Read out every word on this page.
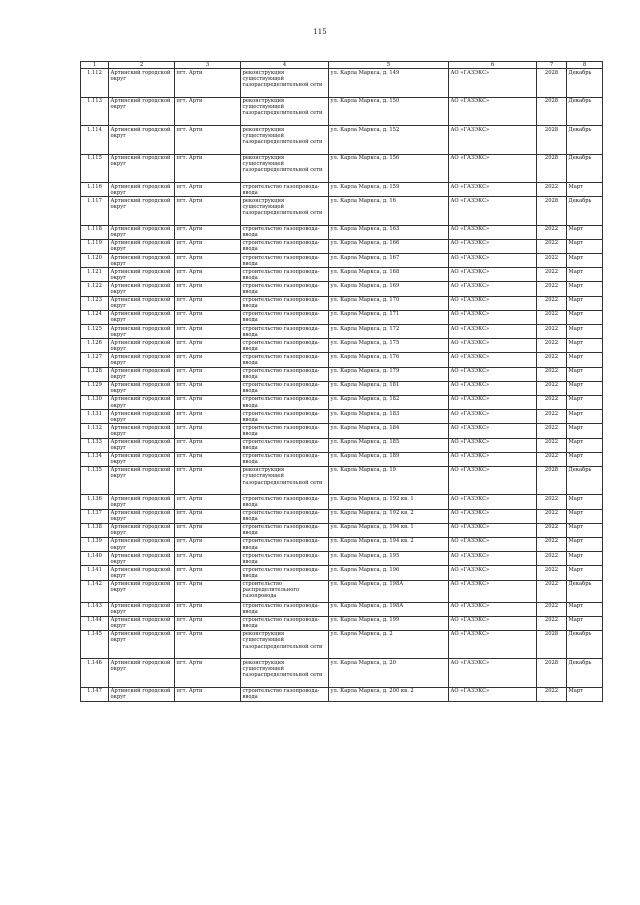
115
1	2	3	4	5	6	7	8
1.112	Артинский городской округ	пгт. Арти	реконструкция существующей газораспределительной сети	ул. Карла Маркса, д. 149	АО «ГАЗЭКС»	2028	Декабрь
1.113	Артинский городской округ	пгт. Арти	реконструкция существующей газораспределительной сети	ул. Карла Маркса, д. 150	АО «ГАЗЭКС»	2028	Декабрь
1.114	Артинский городской округ	пгт. Арти	реконструкция существующей газораспределительной сети	ул. Карла Маркса, д. 152	АО «ГАЗЭКС»	2028	Декабрь
1.115	Артинский городской округ	пгт. Арти	реконструкция существующей газораспределительной сети	ул. Карла Маркса, д. 156	АО «ГАЗЭКС»	2028	Декабрь
1.116	Артинский городской округ	пгт. Арти	строительство газопровода-ввода	ул. Карла Маркса, д. 159	АО «ГАЗЭКС»	2022	Март
1.117	Артинский городской округ	пгт. Арти	реконструкция существующей газораспределительной сети	ул. Карла Маркса, д. 16	АО «ГАЗЭКС»	2028	Декабрь
1.118	Артинский городской округ	пгт. Арти	строительство газопровода-ввода	ул. Карла Маркса, д. 163	АО «ГАЗЭКС»	2022	Март
1.119	Артинский городской округ	пгт. Арти	строительство газопровода-ввода	ул. Карла Маркса, д. 166	АО «ГАЗЭКС»	2022	Март
1.120	Артинский городской округ	пгт. Арти	строительство газопровода-ввода	ул. Карла Маркса, д. 167	АО «ГАЗЭКС»	2022	Март
1.121	Артинский городской округ	пгт. Арти	строительство газопровода-ввода	ул. Карла Маркса, д. 168	АО «ГАЗЭКС»	2022	Март
1.122	Артинский городской округ	пгт. Арти	строительство газопровода-ввода	ул. Карла Маркса, д. 169	АО «ГАЗЭКС»	2022	Март
1.123	Артинский городской округ	пгт. Арти	строительство газопровода-ввода	ул. Карла Маркса, д. 170	АО «ГАЗЭКС»	2022	Март
1.124	Артинский городской округ	пгт. Арти	строительство газопровода-ввода	ул. Карла Маркса, д. 171	АО «ГАЗЭКС»	2022	Март
1.125	Артинский городской округ	пгт. Арти	строительство газопровода-ввода	ул. Карла Маркса, д. 172	АО «ГАЗЭКС»	2022	Март
1.126	Артинский городской округ	пгт. Арти	строительство газопровода-ввода	ул. Карла Маркса, д. 175	АО «ГАЗЭКС»	2022	Март
1.127	Артинский городской округ	пгт. Арти	строительство газопровода-ввода	ул. Карла Маркса, д. 176	АО «ГАЗЭКС»	2022	Март
1.128	Артинский городской округ	пгт. Арти	строительство газопровода-ввода	ул. Карла Маркса, д. 179	АО «ГАЗЭКС»	2022	Март
1.129	Артинский городской округ	пгт. Арти	строительство газопровода-ввода	ул. Карла Маркса, д. 181	АО «ГАЗЭКС»	2022	Март
1.130	Артинский городской округ	пгт. Арти	строительство газопровода-ввода	ул. Карла Маркса, д. 182	АО «ГАЗЭКС»	2022	Март
1.131	Артинский городской округ	пгт. Арти	строительство газопровода-ввода	ул. Карла Маркса, д. 183	АО «ГАЗЭКС»	2022	Март
1.132	Артинский городской округ	пгт. Арти	строительство газопровода-ввода	ул. Карла Маркса, д. 184	АО «ГАЗЭКС»	2022	Март
1.133	Артинский городской округ	пгт. Арти	строительство газопровода-ввода	ул. Карла Маркса, д. 185	АО «ГАЗЭКС»	2022	Март
1.134	Артинский городской округ	пгт. Арти	строительство газопровода-ввода	ул. Карла Маркса, д. 189	АО «ГАЗЭКС»	2022	Март
1.135	Артинский городской округ	пгт. Арти	реконструкция существующей газораспределительной сети	ул. Карла Маркса, д. 19	АО «ГАЗЭКС»	2028	Декабрь
1.136	Артинский городской округ	пгт. Арти	строительство газопровода-ввода	ул. Карла Маркса, д. 192 кв. 1	АО «ГАЗЭКС»	2022	Март
1.137	Артинский городской округ	пгт. Арти	строительство газопровода-ввода	ул. Карла Маркса, д. 192 кв. 2	АО «ГАЗЭКС»	2022	Март
1.138	Артинский городской округ	пгт. Арти	строительство газопровода-ввода	ул. Карла Маркса, д. 194 кв. 1	АО «ГАЗЭКС»	2022	Март
1.139	Артинский городской округ	пгт. Арти	строительство газопровода-ввода	ул. Карла Маркса, д. 194 кв. 2	АО «ГАЗЭКС»	2022	Март
1.140	Артинский городской округ	пгт. Арти	строительство газопровода-ввода	ул. Карла Маркса, д. 195	АО «ГАЗЭКС»	2022	Март
1.141	Артинский городской округ	пгт. Арти	строительство газопровода-ввода	ул. Карла Маркса, д. 196	АО «ГАЗЭКС»	2022	Март
1.142	Артинский городской округ	пгт. Арти	строительство распределительного газопровода	ул. Карла Маркса, д. 198А	АО «ГАЗЭКС»	2022	Декабрь
1.143	Артинский городской округ	пгт. Арти	строительство газопровода-ввода	ул. Карла Маркса, д. 198А	АО «ГАЗЭКС»	2022	Март
1.144	Артинский городской округ	пгт. Арти	строительство газопровода-ввода	ул. Карла Маркса, д. 199	АО «ГАЗЭКС»	2022	Март
1.145	Артинский городской округ	пгт. Арти	реконструкция существующей газораспределительной сети	ул. Карла Маркса, д. 2	АО «ГАЗЭКС»	2028	Декабрь
1.146	Артинский городской округ	пгт. Арти	реконструкция существующей газораспределительной сети	ул. Карла Маркса, д. 20	АО «ГАЗЭКС»	2028	Декабрь
1.147	Артинский городской округ	пгт. Арти	строительство газопровода-ввода	ул. Карла Маркса, д. 200 кв. 2	АО «ГАЗЭКС»	2022	Март
